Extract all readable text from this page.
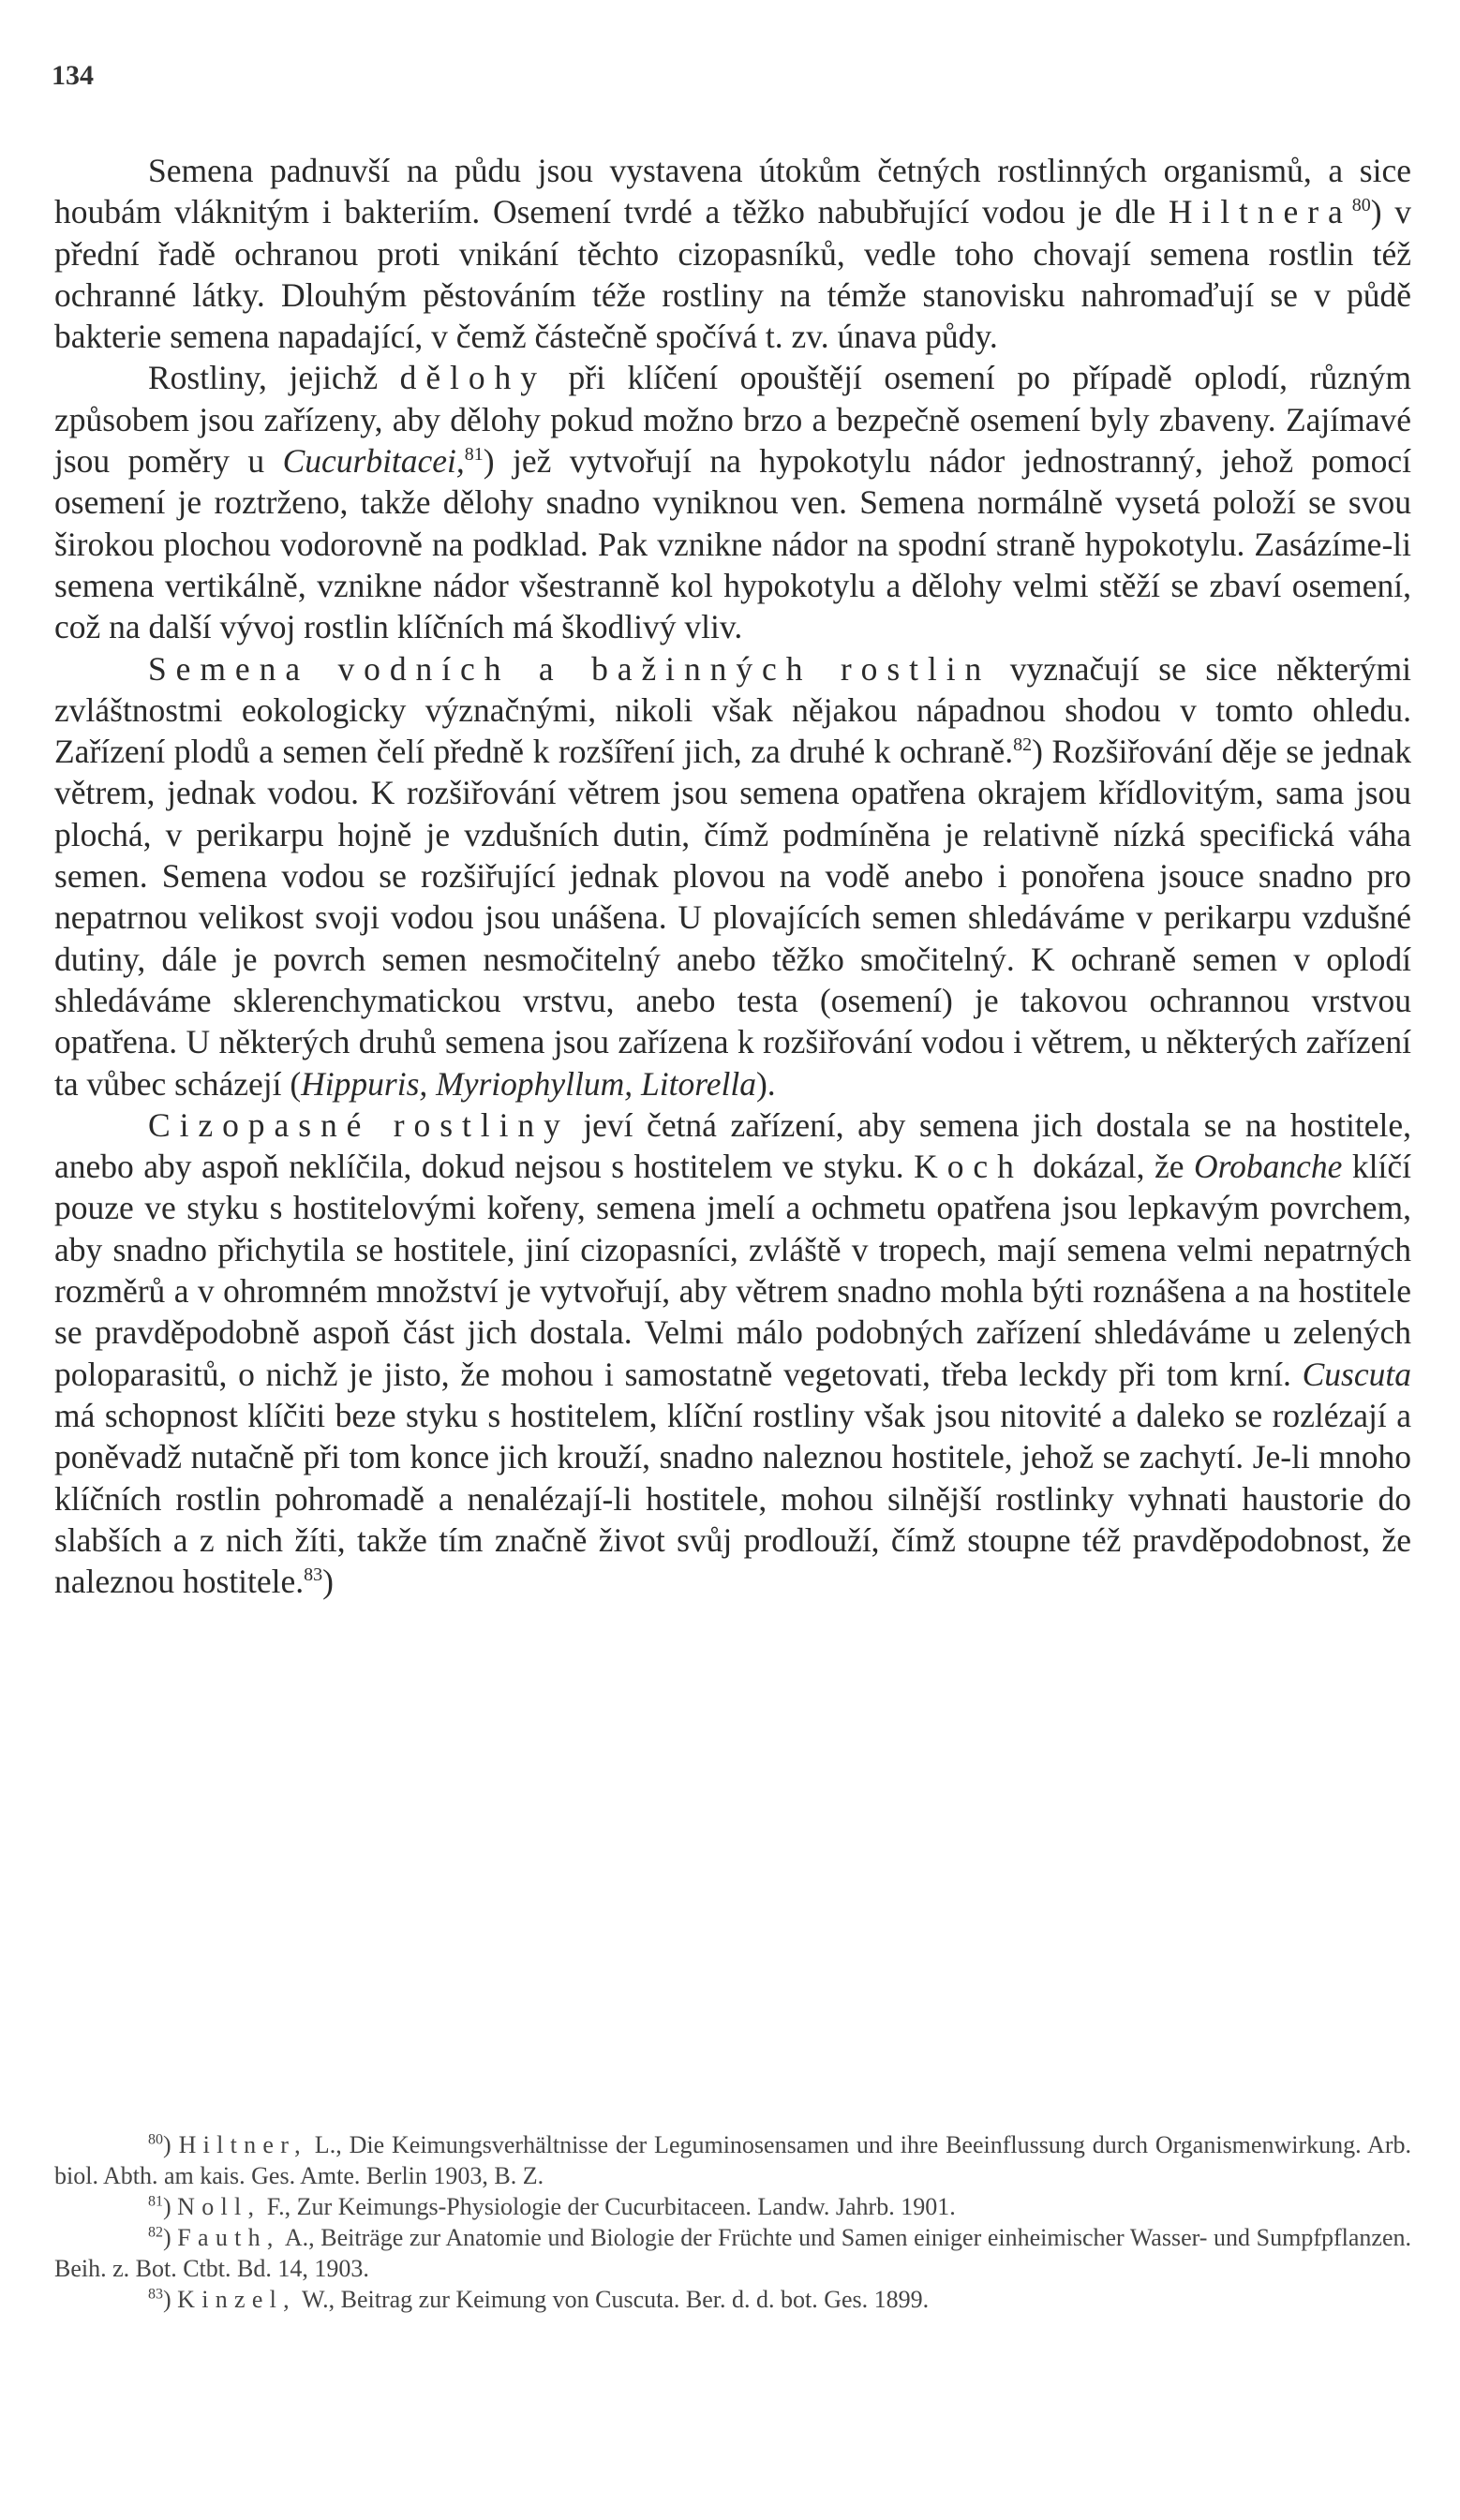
134

Semena padnuvší na půdu jsou vystavena útokům četných rostlinných organismů, a sice houbám vláknitým i bakteriím. Osemení tvrdé a těžko nabubřující vodou je dle Hiltnera$^{80}$) v přední řadě ochranou proti vnikání těchto cizopasníků, vedle toho chovají semena rostlin též ochranné látky. Dlouhým pěstováním téže rostliny na témže stanovisku nahromaďují se v půdě bakterie semena napadající, v čemž částečně spočívá t. zv. únava půdy.

Rostliny, jejichž dělohy při klíčení opouštějí osemení po případě oplodí, různým způsobem jsou zařízeny, aby dělohy pokud možno brzo a bezpečně osemení byly zbaveny. Zajímavé jsou poměry u Cucurbitacei,$^{81}$) jež vytvořují na hypokotylu nádor jednostranný, jehož pomocí osemení je roztrženo, takže dělohy snadno vyniknou ven. Semena normálně vysetá položí se svou širokou plochou vodorovně na podklad. Pak vznikne nádor na spodní straně hypokotylu. Zasázíme-li semena vertikálně, vznikne nádor všestranně kol hypokotylu a dělohy velmi stěží se zbaví osemení, což na další vývoj rostlin klíčních má škodlivý vliv.

Semena vodních a bažinných rostlin vyznačují se sice některými zvláštnostmi eokologicky význačnými, nikoli však nějakou nápadnou shodou v tomto ohledu. Zařízení plodů a semen čelí předně k rozšíření jich, za druhé k ochraně.$^{82}$) Rozšiřování děje se jednak větrem, jednak vodou. K rozšiřování větrem jsou semena opatřena okrajem křídlovitým, sama jsou plochá, v perikarpu hojně je vzdušních dutin, čímž podmíněna je relativně nízká specifická váha semen. Semena vodou se rozšiřující jednak plovou na vodě anebo i ponořena jsouce snadno pro nepatrnou velikost svoji vodou jsou unášena. U plovajících semen shledáváme v perikarpu vzdušné dutiny, dále je povrch semen nesmočitelný anebo těžko smočitelný. K ochraně semen v oplodí shledáváme sklerenchymatickou vrstvu, anebo testa (osemení) je takovou ochrannou vrstvou opatřena. U některých druhů semena jsou zařízena k rozšiřování vodou i větrem, u některých zařízení ta vůbec scházejí (Hippuris, Myriophyllum, Litorella).

Cizopasné rostliny jeví četná zařízení, aby semena jich dostala se na hostitele, anebo aby aspoň neklíčila, dokud nejsou s hostitelem ve styku. Koch dokázal, že Orobanche klíčí pouze ve styku s hostitelovými kořeny, semena jmelí a ochmetu opatřena jsou lepkavým povrchem, aby snadno přichytila se hostitele, jiní cizopasníci, zvláště v tropech, mají semena velmi nepatrných rozměrů a v ohromném množství je vytvořují, aby větrem snadno mohla býti roznášena a na hostitele se pravděpodobně aspoň část jich dostala. Velmi málo podobných zařízení shledáváme u zelených poloparasitů, o nichž je jisto, že mohou i samostatně vegetovati, třeba leckdy při tom krní. Cuscuta má schopnost klíčiti beze styku s hostitelem, klíční rostliny však jsou nitovité a daleko se rozlézají a poněvadž nutačně při tom konce jich krouží, snadno naleznou hostitele, jehož se zachytí. Je-li mnoho klíčních rostlin pohromadě a nenalézají-li hostitele, mohou silnější rostlinky vyhnati haustorie do slabších a z nich žíti, takže tím značně život svůj prodlouží, čímž stoupne též pravděpodobnost, že naleznou hostitele.$^{83}$)

$^{80}$) Hiltner, L., Die Keimungsverhältnisse der Leguminosensamen und ihre Beeinflussung durch Organismenwirkung. Arb. biol. Abth. am kais. Ges. Amte. Berlin 1903, B. Z.

$^{81}$) Noll, F., Zur Keimungs-Physiologie der Cucurbitaceen. Landw. Jahrb. 1901.

$^{82}$) Fauth, A., Beiträge zur Anatomie und Biologie der Früchte und Samen einiger einheimischer Wasser- und Sumpfpflanzen. Beih. z. Bot. Ctbt. Bd. 14, 1903.

$^{83}$) Kinzel, W., Beitrag zur Keimung von Cuscuta. Ber. d. d. bot. Ges. 1899.
